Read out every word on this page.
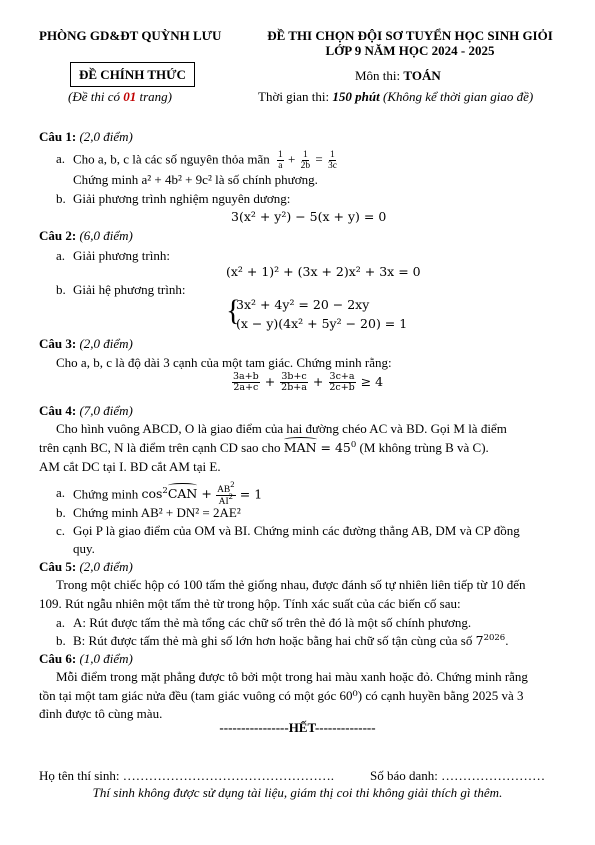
PHÒNG GD&ĐT QUỲNH LƯU	ĐỀ THI CHỌN ĐỘI SƠ TUYỂN HỌC SINH GIỎI
LỚP 9 NĂM HỌC 2024 - 2025
ĐỀ CHÍNH THỨC
(Đề thi có 01 trang)
Môn thi: TOÁN
Thời gian thi: 150 phút (Không kể thời gian giao đề)
Câu 1: (2,0 điểm)
a. Cho a, b, c là các số nguyên thỏa mãn $\frac{1}{a} + \frac{1}{2b} = \frac{1}{3c}$
Chứng minh a² + 4b² + 9c² là số chính phương.
b. Giải phương trình nghiệm nguyên dương:
3(x² + y²) − 5(x + y) = 0
Câu 2: (6,0 điểm)
a. Giải phương trình:
(x² + 1)² + (3x + 2)x² + 3x = 0
b. Giải hệ phương trình:
{
3x² + 4y² = 20 − 2xy
(x − y)(4x² + 5y² − 20) = 1
Câu 3: (2,0 điểm)
Cho a, b, c là độ dài 3 cạnh của một tam giác. Chứng minh rằng:
$\frac{3a+b}{2a+c} + \frac{3b+c}{2b+a} + \frac{3c+a}{2c+b} \ge 4$
Câu 4: (7,0 điểm)
Cho hình vuông ABCD, O là giao điểm của hai đường chéo AC và BD. Gọi M là điểm
trên cạnh BC, N là điểm trên cạnh CD sao cho MAN = $45^0$ (M không trùng B và C).
AM cắt DC tại I. BD cắt AM tại E.
a. Chứng minh $\cos^2CAN + \frac{AB^2}{AI^2} = 1$
b. Chứng minh AB² + DN² = 2AE²
c. Gọi P là giao điểm của OM và BI. Chứng minh các đường thẳng AB, DM và CP đồng
quy.
Câu 5: (2,0 điểm)
Trong một chiếc hộp có 100 tấm thẻ giống nhau, được đánh số tự nhiên liên tiếp từ 10 đến
109. Rút ngẫu nhiên một tấm thẻ từ trong hộp. Tính xác suất của các biến cố sau:
a. A: Rút được tấm thẻ mà tổng các chữ số trên thẻ đó là một số chính phương.
b. B: Rút được tấm thẻ mà ghi số lớn hơn hoặc bằng hai chữ số tận cùng của số $7^{2026}$.
Câu 6: (1,0 điểm)
Mỗi điểm trong mặt phẳng được tô bởi một trong hai màu xanh hoặc đỏ. Chứng minh rằng
tồn tại một tam giác nửa đều (tam giác vuông có một góc 60⁰) có cạnh huyền bằng 2025 và 3
đỉnh được tô cùng màu.
----------------HẾT--------------
Họ tên thí sinh: ………………………………………….	Số báo danh: ……………………
Thí sinh không được sử dụng tài liệu, giám thị coi thi không giải thích gì thêm.
